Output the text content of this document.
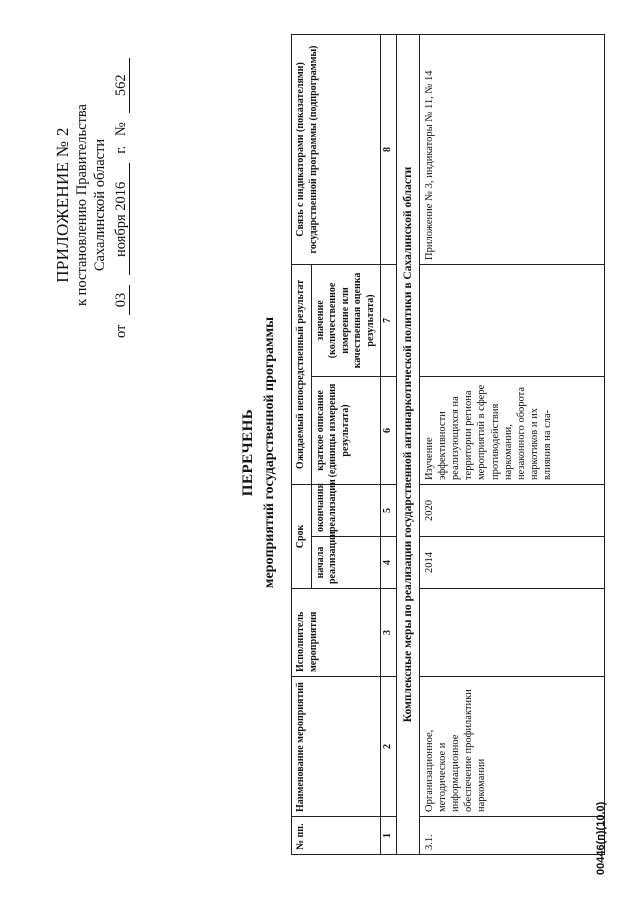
ПРИЛОЖЕНИЕ № 2 к постановлению Правительства Сахалинской области
от 03 ноября 2016 г. № 562
ПЕРЕЧЕНЬ мероприятий государственной программы
№ пп.	Наименование мероприятий	Исполнитель мероприятия	Срок		Ожидаемый непосредственный результат		Связь с индикаторами (показателями) государственной программы (подпрограммы)
			начала реализации	окончания реализации	краткое описание (единицы измерения результата)	значение (количественное измерение или качественная оценка результата)	
1	2	3	4	5	6	7	8
Комплексные меры по реализации государственной антинаркотической политики в Сахалинской области							
3.1.	Организационное, методическое и информационное обеспечение профилактики наркомании		2014	2020	Изучение эффективности реализующихся на территории региона мероприятий в сфере противодействия наркомании, незаконного оборота наркотиков и их влияния на сла-		Приложение № 3, индикаторы № 11, № 14
00446(п)(10.0)
